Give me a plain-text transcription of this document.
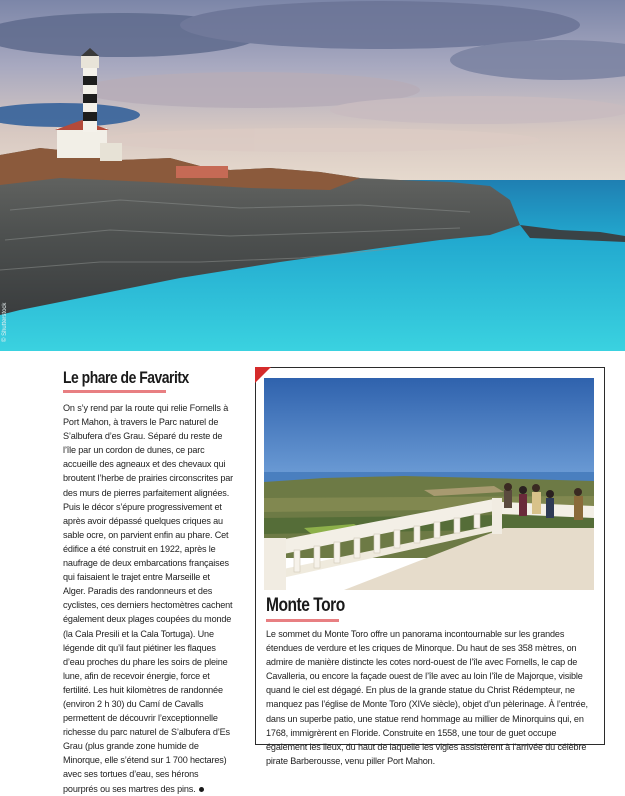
© Shutterstock
Le phare de Favaritx

On s’y rend par la route qui relie Fornells à Port Mahon, à travers le Parc naturel de S’albufera d’es Grau. Séparé du reste de l’île par un cordon de dunes, ce parc accueille des agneaux et des chevaux qui broutent l’herbe de prairies circonscrites par des murs de pierres parfaitement alignées. Puis le décor s’épure progressivement et après avoir dépassé quelques criques au sable ocre, on parvient enfin au phare. Cet édifice a été construit en 1922, après le naufrage de deux embarcations françaises qui faisaient le trajet entre Marseille et Alger. Paradis des randonneurs et des cyclistes, ces derniers hectomètres cachent également deux plages coupées du monde (la Cala Presili et la Cala Tortuga). Une légende dit qu’il faut piétiner les flaques d’eau proches du phare les soirs de pleine lune, afin de recevoir énergie, force et fertilité. Les huit kilomètres de randonnée (environ 2 h 30) du Camí de Cavalls permettent de découvrir l’exceptionnelle richesse du parc naturel de S’albufera d’Es Grau (plus grande zone humide de Minorque, elle s’étend sur 1 700 hectares) avec ses tortues d’eau, ses hérons pourprés ou ses martres des pins.

Monte Toro

Le sommet du Monte Toro offre un panorama incontournable sur les grandes étendues de verdure et les criques de Minorque. Du haut de ses 358 mètres, on admire de manière distincte les cotes nord-ouest de l’île avec Fornells, le cap de Cavalleria, ou encore la façade ouest de l’île avec au loin l’île de Majorque, visible quand le ciel est dégagé. En plus de la grande statue du Christ Rédempteur, ne manquez pas l’église de Monte Toro (XIVe siècle), objet d’un pèlerinage. À l’entrée, dans un superbe patio, une statue rend hommage au millier de Minorquins qui, en 1768, immigrèrent en Floride. Construite en 1558, une tour de guet occupe également les lieux, du haut de laquelle les vigies assistèrent à l’arrivée du célèbre pirate Barberousse, venu piller Port Mahon.
